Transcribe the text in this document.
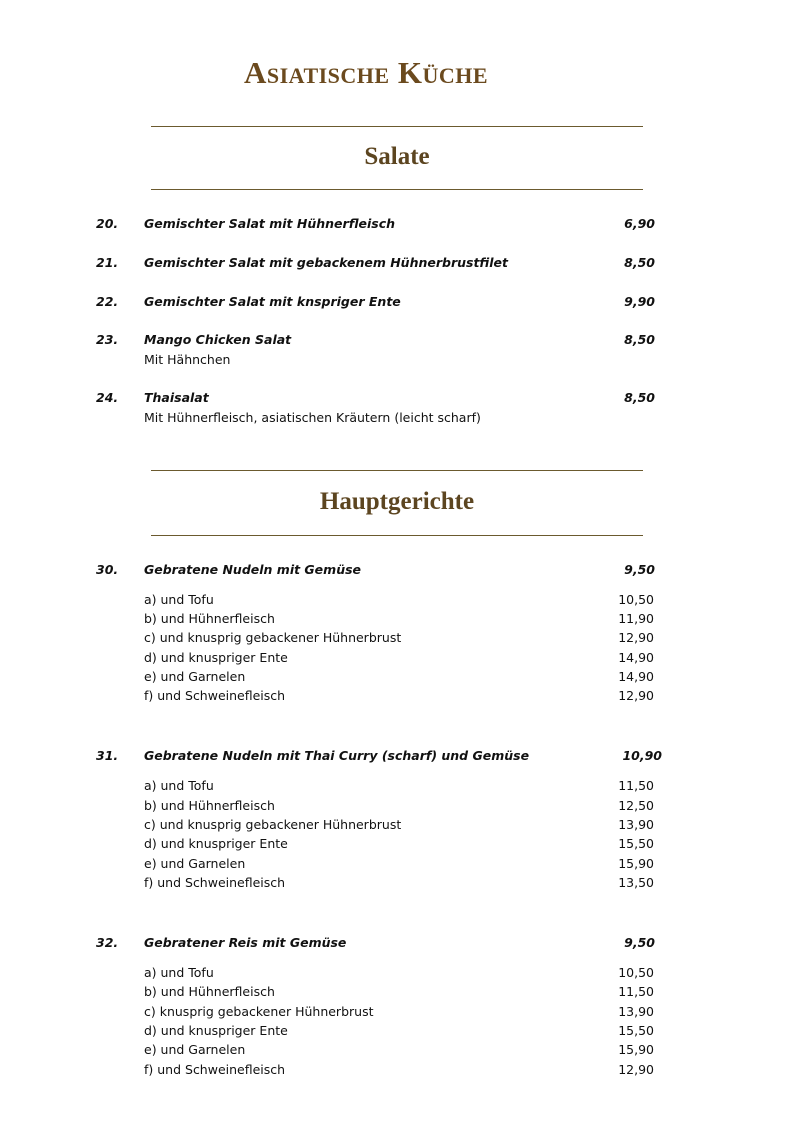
Asiatische Küche
Salate
20. Gemischter Salat mit Hühnerfleisch	6,90
21. Gemischter Salat mit gebackenem Hühnerbrustfilet	8,50
22. Gemischter Salat mit knspriger Ente	9,90
23. Mango Chicken Salat	8,50
Mit Hähnchen
24. Thaisalat	8,50
Mit Hühnerfleisch, asiatischen Kräutern (leicht scharf)
Hauptgerichte
30. Gebratene Nudeln mit Gemüse	9,50
a) und Tofu	10,50
b) und Hühnerfleisch	11,90
c) und knusprig gebackener Hühnerbrust	12,90
d) und knuspriger Ente	14,90
e) und Garnelen	14,90
f) und Schweinefleisch	12,90
31. Gebratene Nudeln mit Thai Curry (scharf) und Gemüse	10,90
a) und Tofu	11,50
b) und Hühnerfleisch	12,50
c) und knusprig gebackener Hühnerbrust	13,90
d) und knuspriger Ente	15,50
e) und Garnelen	15,90
f) und Schweinefleisch	13,50
32. Gebratener Reis mit Gemüse	9,50
a) und Tofu	10,50
b) und Hühnerfleisch	11,50
c) knusprig gebackener Hühnerbrust	13,90
d) und knuspriger Ente	15,50
e) und Garnelen	15,90
f) und Schweinefleisch	12,90
